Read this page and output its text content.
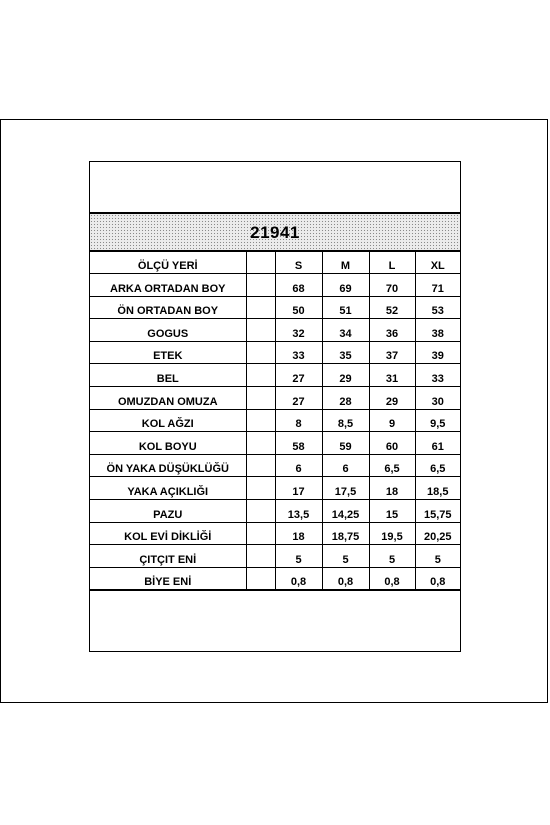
21941
ÖLÇÜ YERİ		S	M	L	XL
ARKA ORTADAN BOY		68	69	70	71
ÖN ORTADAN BOY		50	51	52	53
GOGUS		32	34	36	38
ETEK		33	35	37	39
BEL		27	29	31	33
OMUZDAN OMUZA		27	28	29	30
KOL AĞZI		8	8,5	9	9,5
KOL BOYU		58	59	60	61
ÖN YAKA DÜŞÜKLÜĞÜ		6	6	6,5	6,5
YAKA AÇIKLIĞI		17	17,5	18	18,5
PAZU		13,5	14,25	15	15,75
KOL EVİ DİKLİĞİ		18	18,75	19,5	20,25
ÇITÇIT ENİ		5	5	5	5
BİYE ENİ		0,8	0,8	0,8	0,8
